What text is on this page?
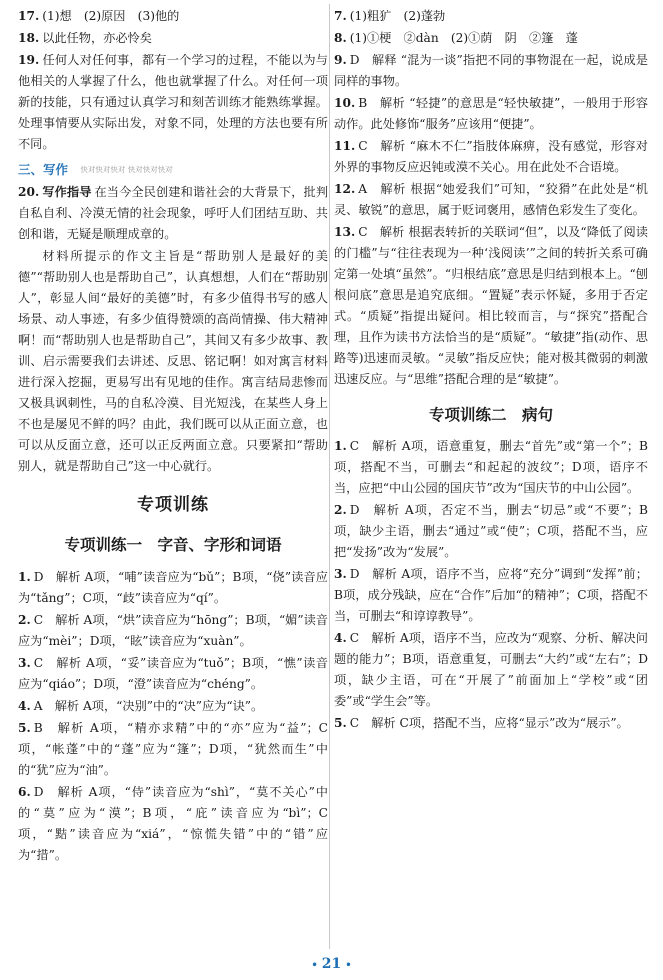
17. (1)想　(2)原因　(3)他的

18. 以此任物，亦必怜矣

19. 任何人对任何事，都有一个学习的过程，不能以为与他相关的人掌握了什么，他也就掌握了什么。对任何一项新的技能，只有通过认真学习和刻苦训练才能熟练掌握。处理事情要从实际出发，对象不同，处理的方法也要有所不同。

三、写作 快对快对快对 快对快对快对

20. 写作指导 在当今全民创建和谐社会的大背景下，批判自私自利、冷漠无情的社会现象，呼吁人们团结互助、共创和谐，无疑是顺理成章的。

材料所提示的作文主旨是“帮助别人是最好的美德”“帮助别人也是帮助自己”，认真想想，人们在“帮助别人”，彰显人间“最好的美德”时，有多少值得书写的感人场景、动人事迹，有多少值得赞颂的高尚情操、伟大精神啊！而“帮助别人也是帮助自己”，其间又有多少故事、教训、启示需要我们去讲述、反思、铭记啊！如对寓言材料进行深入挖掘，更易写出有见地的佳作。寓言结局悲惨而又极具讽刺性，马的自私冷漠、目光短浅，在某些人身上不也是屡见不鲜的吗？由此，我们既可以从正面立意，也可以从反面立意，还可以正反两面立意。只要紧扣“帮助别人，就是帮助自己”这一中心就行。

专项训练
专项训练一　字音、字形和词语

1. D　解析 A项，“哺”读音应为“bǔ”；B项，“侥”读音应为“tǎng”；C项，“歧”读音应为“qí”。

2. C　解析 A项，“烘”读音应为“hōng”；B项，“媚”读音应为“mèi”；D项，“眩”读音应为“xuàn”。

3. C　解析 A项，“妥”读音应为“tuǒ”；B项，“憔”读音应为“qiáo”；D项，“澄”读音应为“chéng”。

4. A　解析 A项，“决别”中的“决”应为“诀”。

5. B　解析 A项，“精亦求精”中的“亦”应为“益”；C项，“帐蓬”中的“蓬”应为“篷”；D项，“犹然而生”中的“犹”应为“油”。

6. D　解析 A项，“侍”读音应为“shì”，“莫不关心”中的“莫”应为“漠”；B项，“庇”读音应为“bì”；C项，“黠”读音应为“xiá”，“惊慌失错”中的“错”应为“措”。

7. (1)粗犷　(2)蓬勃

8. (1)①梗　②dàn　(2)①荫　阴　②篷　蓬

9. D　解释 “混为一谈”指把不同的事物混在一起，说成是同样的事物。

10. B　解析 “轻捷”的意思是“轻快敏捷”，一般用于形容动作。此处修饰“服务”应该用“便捷”。

11. C　解析 “麻木不仁”指肢体麻痹，没有感觉，形容对外界的事物反应迟钝或漠不关心。用在此处不合语境。

12. A　解析 根据“她爱我们”可知，“狡猾”在此处是“机灵、敏锐”的意思，属于贬词褒用，感情色彩发生了变化。

13. C　解析 根据表转折的关联词“但”，以及“降低了阅读的门槛”与“往往表现为一种‘浅阅读’”之间的转折关系可确定第一处填“虽然”。“归根结底”意思是归结到根本上。“刨根问底”意思是追究底细。“置疑”表示怀疑，多用于否定式。“质疑”指提出疑问。相比较而言，与“探究”搭配合理，且作为读书方法恰当的是“质疑”。“敏捷”指(动作、思路等)迅速而灵敏。“灵敏”指反应快；能对极其微弱的刺激迅速反应。与“思维”搭配合理的是“敏捷”。

专项训练二　病句

1. C　解析 A项，语意重复，删去“首先”或“第一个”；B项，搭配不当，可删去“和起起的波纹”；D项，语序不当，应把“中山公园的国庆节”改为“国庆节的中山公园”。

2. D　解析 A项，否定不当，删去“切忌”或“不要”；B项，缺少主语，删去“通过”或“使”；C项，搭配不当，应把“发扬”改为“发展”。

3. D　解析 A项，语序不当，应将“充分”调到“发挥”前；B项，成分残缺，应在“合作”后加“的精神”；C项，搭配不当，可删去“和谆谆教导”。

4. C　解析 A项，语序不当，应改为“观察、分析、解决问题的能力”；B项，语意重复，可删去“大约”或“左右”；D项，缺少主语，可在“开展了”前面加上“学校”或“团委”或“学生会”等。

5. C　解析 C项，搭配不当，应将“显示”改为“展示”。

• 21 •
